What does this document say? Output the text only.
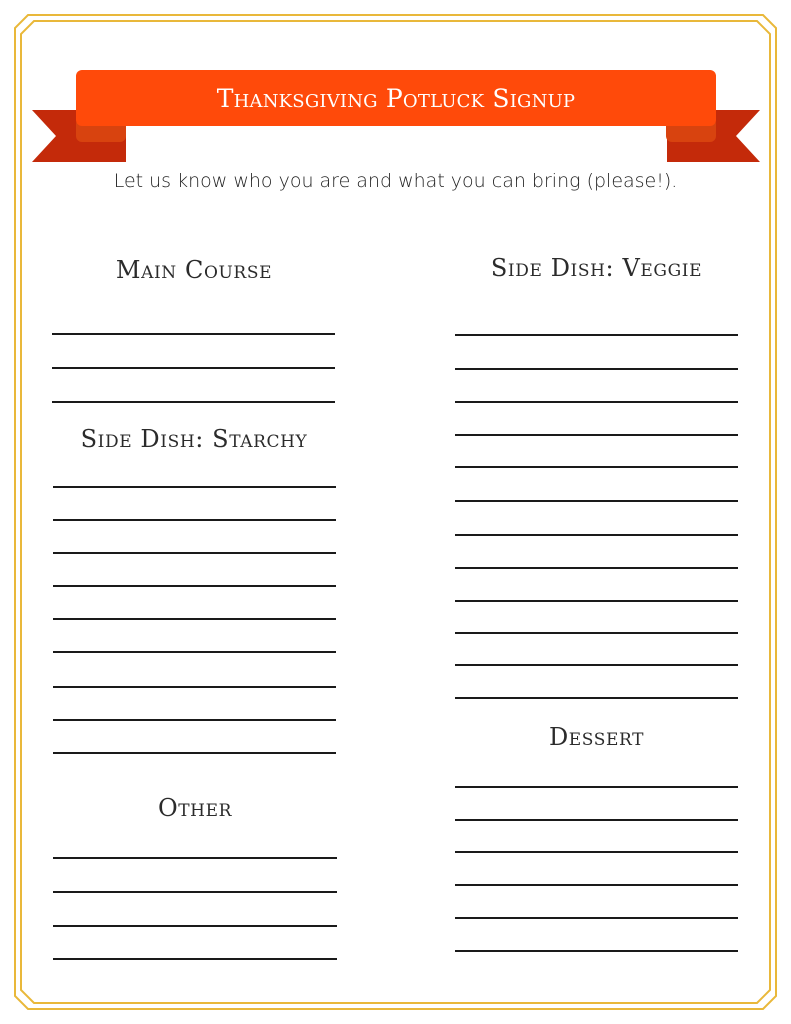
Thanksgiving Potluck Signup
Let us know who you are and what you can bring (please!).
Main Course
Side Dish: Starchy
Other
Side Dish: Veggie
Dessert
